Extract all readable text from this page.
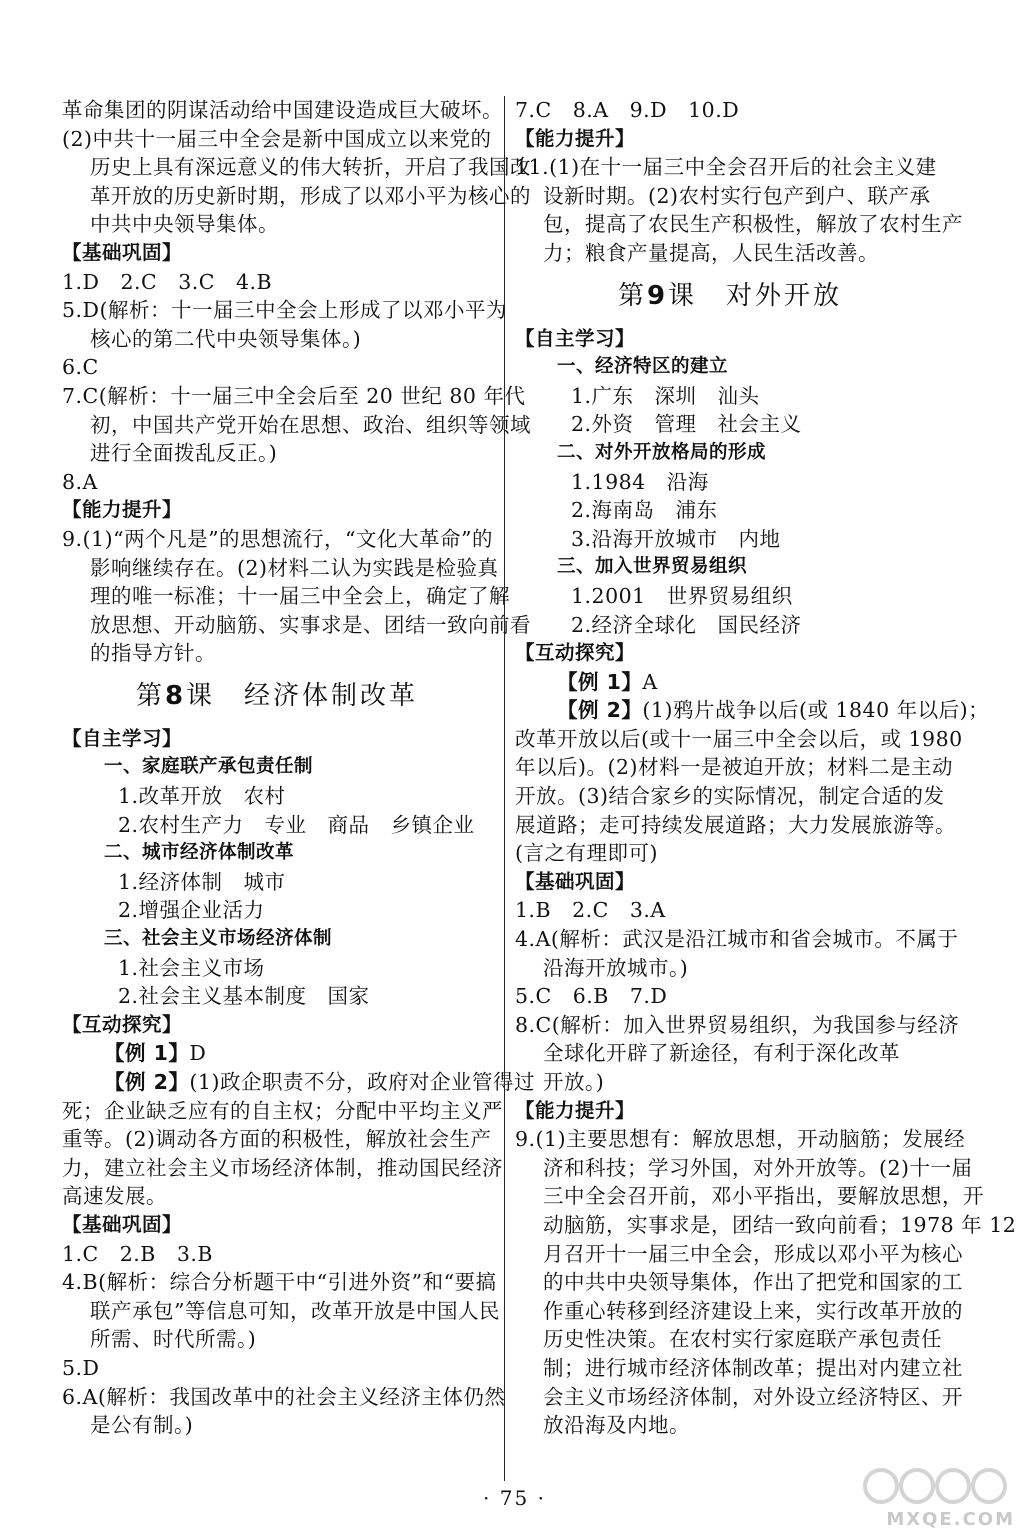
革命集团的阴谋活动给中国建设造成巨大破坏。
(2)中共十一届三中全会是新中国成立以来党的
历史上具有深远意义的伟大转折，开启了我国改
革开放的历史新时期，形成了以邓小平为核心的
中共中央领导集体。
【基础巩固】
1.D　2.C　3.C　4.B
5.D(解析：十一届三中全会上形成了以邓小平为
核心的第二代中央领导集体。)
6.C
7.C(解析：十一届三中全会后至 20 世纪 80 年代
初，中国共产党开始在思想、政治、组织等领域
进行全面拨乱反正。)
8.A
【能力提升】
9.(1)“两个凡是”的思想流行，“文化大革命”的
影响继续存在。(2)材料二认为实践是检验真
理的唯一标准；十一届三中全会上，确定了解
放思想、开动脑筋、实事求是、团结一致向前看
的指导方针。
第8课　经济体制改革
【自主学习】
一、家庭联产承包责任制
1.改革开放　农村
2.农村生产力　专业　商品　乡镇企业
二、城市经济体制改革
1.经济体制　城市
2.增强企业活力
三、社会主义市场经济体制
1.社会主义市场
2.社会主义基本制度　国家
【互动探究】
【例 1】D
【例 2】(1)政企职责不分，政府对企业管得过
死；企业缺乏应有的自主权；分配中平均主义严
重等。(2)调动各方面的积极性，解放社会生产
力，建立社会主义市场经济体制，推动国民经济
高速发展。
【基础巩固】
1.C　2.B　3.B
4.B(解析：综合分析题干中“引进外资”和“要搞
联产承包”等信息可知，改革开放是中国人民
所需、时代所需。)
5.D
6.A(解析：我国改革中的社会主义经济主体仍然
是公有制。)
7.C　8.A　9.D　10.D
【能力提升】
11.(1)在十一届三中全会召开后的社会主义建
设新时期。(2)农村实行包产到户、联产承
包，提高了农民生产积极性，解放了农村生产
力；粮食产量提高，人民生活改善。
第9课　对外开放
【自主学习】
一、经济特区的建立
1.广东　深圳　汕头
2.外资　管理　社会主义
二、对外开放格局的形成
1.1984　沿海
2.海南岛　浦东
3.沿海开放城市　内地
三、加入世界贸易组织
1.2001　世界贸易组织
2.经济全球化　国民经济
【互动探究】
【例 1】A
【例 2】(1)鸦片战争以后(或 1840 年以后)；
改革开放以后(或十一届三中全会以后，或 1980
年以后)。(2)材料一是被迫开放；材料二是主动
开放。(3)结合家乡的实际情况，制定合适的发
展道路；走可持续发展道路；大力发展旅游等。
(言之有理即可)
【基础巩固】
1.B　2.C　3.A
4.A(解析：武汉是沿江城市和省会城市。不属于
沿海开放城市。)
5.C　6.B　7.D
8.C(解析：加入世界贸易组织，为我国参与经济
全球化开辟了新途径，有利于深化改革
开放。)
【能力提升】
9.(1)主要思想有：解放思想，开动脑筋；发展经
济和科技；学习外国，对外开放等。(2)十一届
三中全会召开前，邓小平指出，要解放思想，开
动脑筋，实事求是，团结一致向前看；1978 年 12
月召开十一届三中全会，形成以邓小平为核心
的中共中央领导集体，作出了把党和国家的工
作重心转移到经济建设上来，实行改革开放的
历史性决策。在农村实行家庭联产承包责任
制；进行城市经济体制改革；提出对内建立社
会主义市场经济体制，对外设立经济特区、开
放沿海及内地。
· 75 ·
MXQE.COM
